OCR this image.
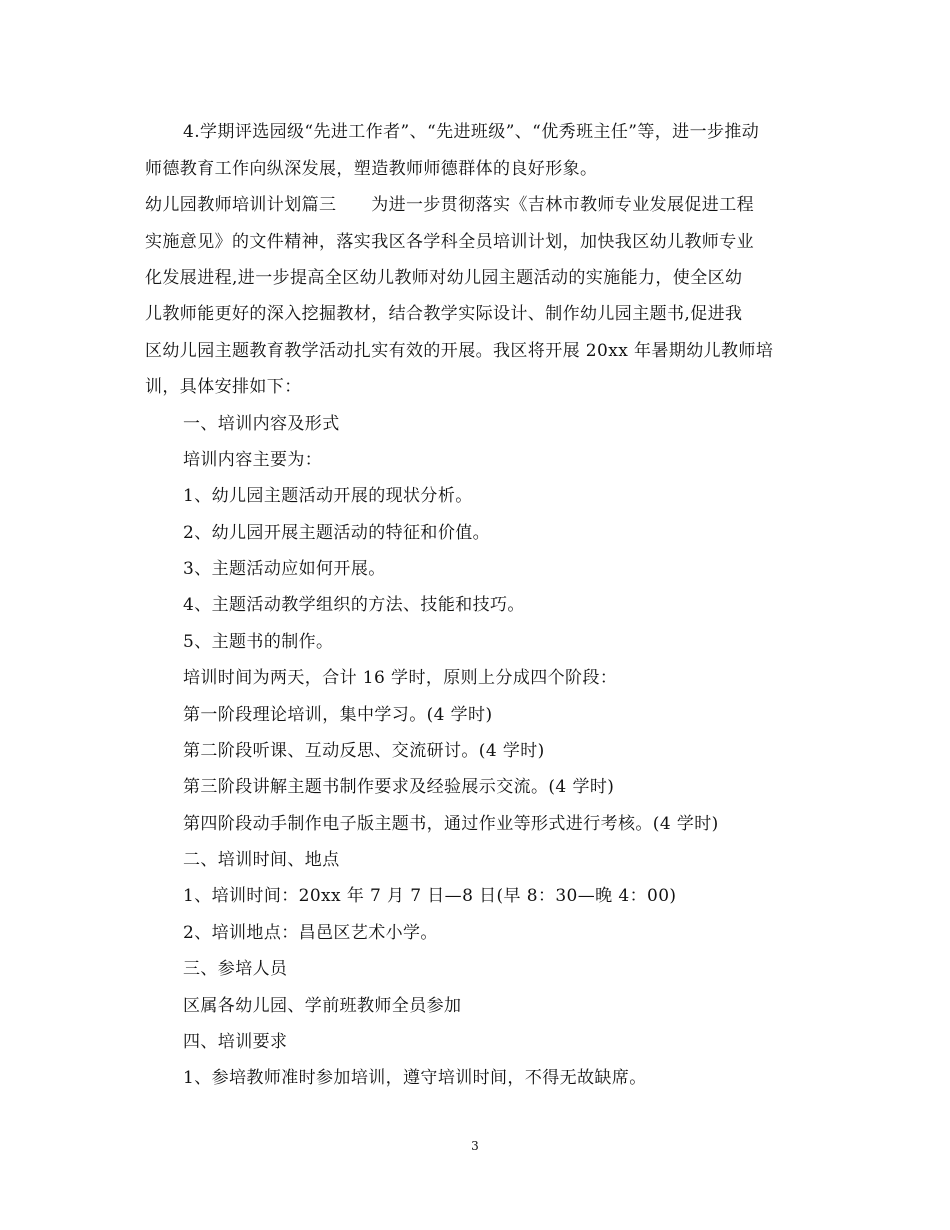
4.学期评选园级“先进工作者”、“先进班级”、“优秀班主任”等，进一步推动
师德教育工作向纵深发展，塑造教师师德群体的良好形象。
幼儿园教师培训计划篇三　　为进一步贯彻落实《吉林市教师专业发展促进工程
实施意见》的文件精神，落实我区各学科全员培训计划，加快我区幼儿教师专业
化发展进程,进一步提高全区幼儿教师对幼儿园主题活动的实施能力，使全区幼
儿教师能更好的深入挖掘教材，结合教学实际设计、制作幼儿园主题书,促进我
区幼儿园主题教育教学活动扎实有效的开展。我区将开展 20xx 年暑期幼儿教师培
训，具体安排如下：
一、培训内容及形式
培训内容主要为：
1、幼儿园主题活动开展的现状分析。
2、幼儿园开展主题活动的特征和价值。
3、主题活动应如何开展。
4、主题活动教学组织的方法、技能和技巧。
5、主题书的制作。
培训时间为两天，合计 16 学时，原则上分成四个阶段：
第一阶段理论培训，集中学习。(4 学时)
第二阶段听课、互动反思、交流研讨。(4 学时)
第三阶段讲解主题书制作要求及经验展示交流。(4 学时)
第四阶段动手制作电子版主题书，通过作业等形式进行考核。(4 学时)
二、培训时间、地点
1、培训时间：20xx 年 7 月 7 日—8 日(早 8：30—晚 4：00)
2、培训地点：昌邑区艺术小学。
三、参培人员
区属各幼儿园、学前班教师全员参加
四、培训要求
1、参培教师准时参加培训，遵守培训时间，不得无故缺席。
3
